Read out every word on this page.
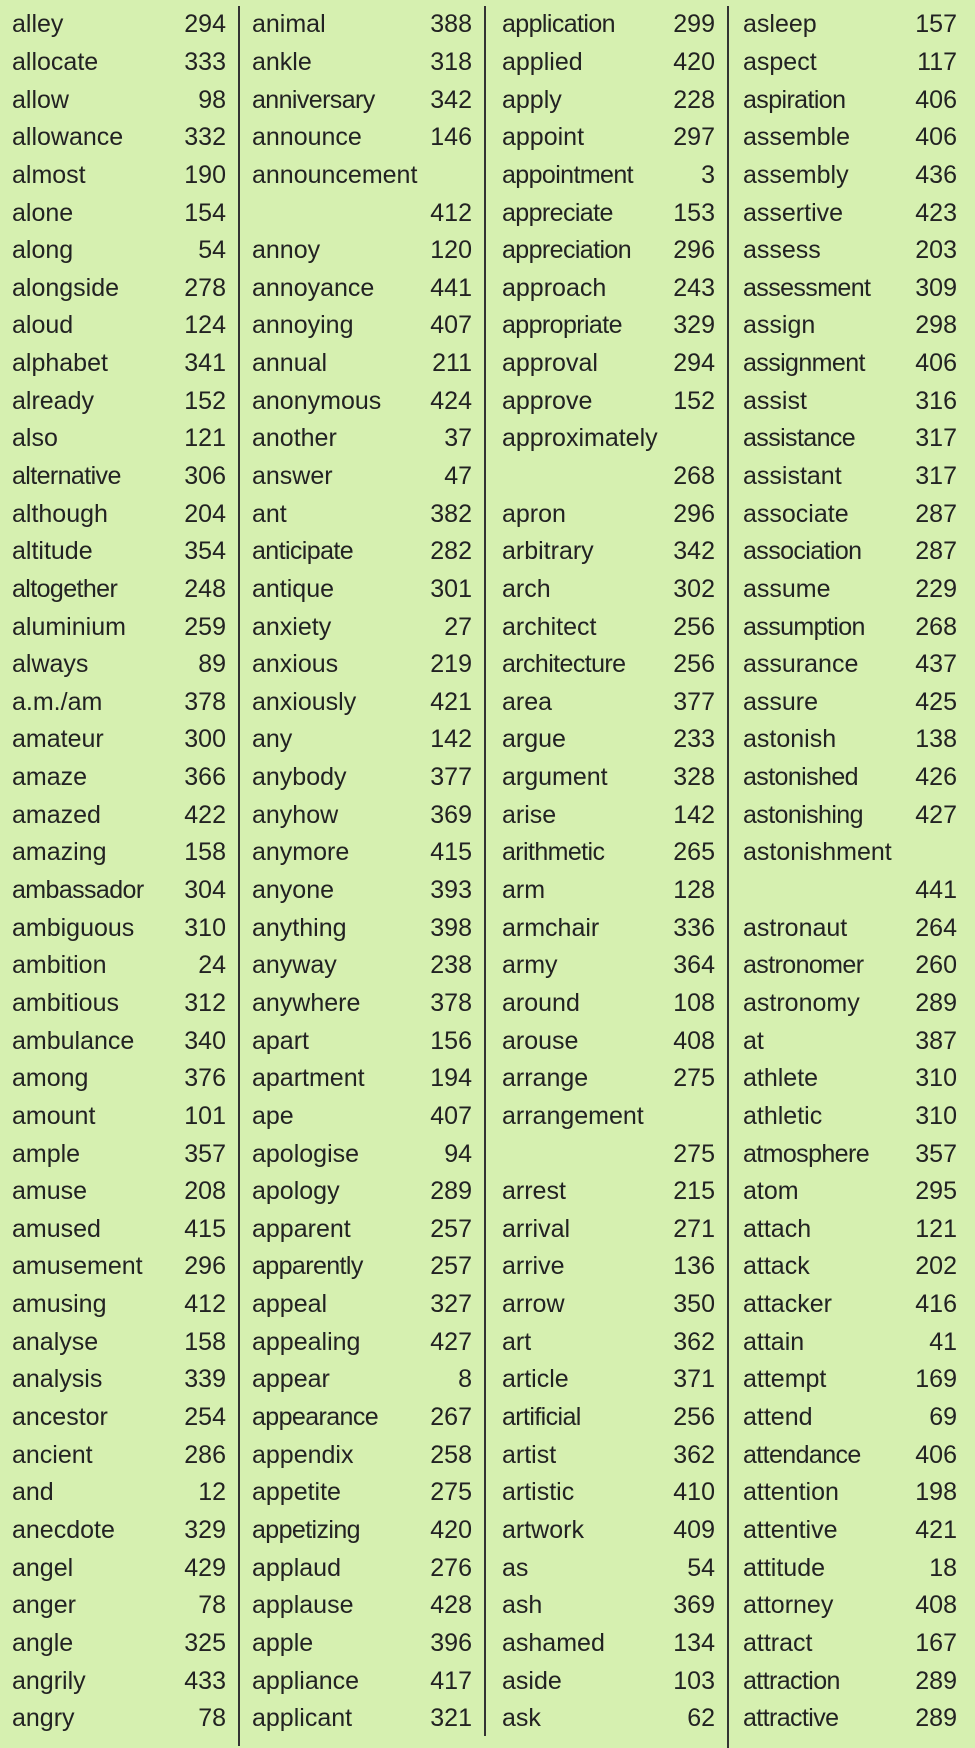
alley	294
allocate	333
allow	98
allowance	332
almost	190
alone	154
along	54
alongside	278
aloud	124
alphabet	341
already	152
also	121
alternative	306
although	204
altitude	354
altogether	248
aluminium	259
always	89
a.m./am	378
amateur	300
amaze	366
amazed	422
amazing	158
ambassador	304
ambiguous	310
ambition	24
ambitious	312
ambulance	340
among	376
amount	101
ample	357
amuse	208
amused	415
amusement	296
amusing	412
analyse	158
analysis	339
ancestor	254
ancient	286
and	12
anecdote	329
angel	429
anger	78
angle	325
angrily	433
angry	78
animal	388
ankle	318
anniversary	342
announce	146
announcement
412
annoy	120
annoyance	441
annoying	407
annual	211
anonymous	424
another	37
answer	47
ant	382
anticipate	282
antique	301
anxiety	27
anxious	219
anxiously	421
any	142
anybody	377
anyhow	369
anymore	415
anyone	393
anything	398
anyway	238
anywhere	378
apart	156
apartment	194
ape	407
apologise	94
apology	289
apparent	257
apparently	257
appeal	327
appealing	427
appear	8
appearance	267
appendix	258
appetite	275
appetizing	420
applaud	276
applause	428
apple	396
appliance	417
applicant	321
application	299
applied	420
apply	228
appoint	297
appointment	3
appreciate	153
appreciation	296
approach	243
appropriate	329
approval	294
approve	152
approximately
268
apron	296
arbitrary	342
arch	302
architect	256
architecture	256
area	377
argue	233
argument	328
arise	142
arithmetic	265
arm	128
armchair	336
army	364
around	108
arouse	408
arrange	275
arrangement
275
arrest	215
arrival	271
arrive	136
arrow	350
art	362
article	371
artificial	256
artist	362
artistic	410
artwork	409
as	54
ash	369
ashamed	134
aside	103
ask	62
asleep	157
aspect	117
aspiration	406
assemble	406
assembly	436
assertive	423
assess	203
assessment	309
assign	298
assignment	406
assist	316
assistance	317
assistant	317
associate	287
association	287
assume	229
assumption	268
assurance	437
assure	425
astonish	138
astonished	426
astonishing	427
astonishment
441
astronaut	264
astronomer	260
astronomy	289
at	387
athlete	310
athletic	310
atmosphere	357
atom	295
attach	121
attack	202
attacker	416
attain	41
attempt	169
attend	69
attendance	406
attention	198
attentive	421
attitude	18
attorney	408
attract	167
attraction	289
attractive	289
